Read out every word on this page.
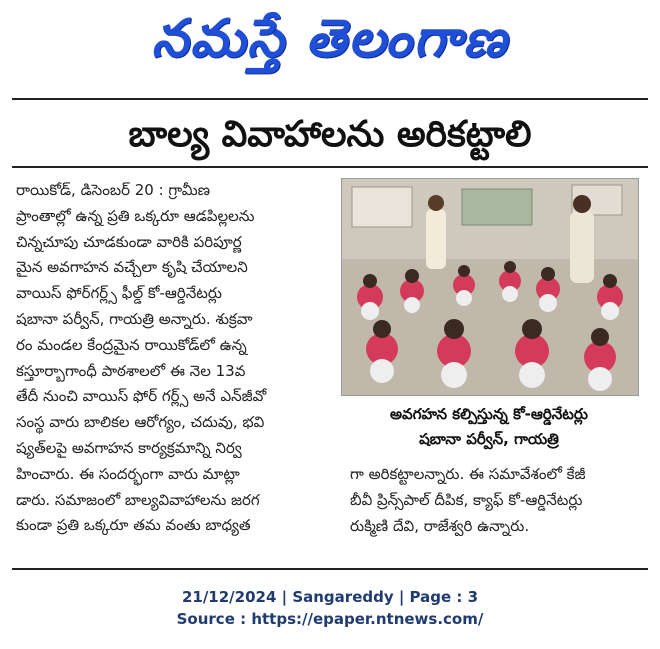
నమస్తే తెలంగాణ
బాల్య వివాహాలను అరికట్టాలి
రాయికోడ్, డిసెంబర్ 20 : గ్రామీణ
ప్రాంతాల్లో ఉన్న ప్రతి ఒక్కరూ ఆడపిల్లలను
చిన్నచూపు చూడకుండా వారికి పరిపూర్ణ
మైన అవగాహన వచ్చేలా కృషి చేయాలని
వాయిస్ ఫోర్‌గర్ల్స్ ఫీల్డ్ కో-ఆర్డినేటర్లు
షబానా పర్వీన్, గాయత్రి అన్నారు. శుక్రవా
రం మండల కేంద్రమైన రాయికోడ్‌లో ఉన్న
కస్తూర్బాగాంధీ పాఠశాలలో ఈ నెల 13వ
తేదీ నుంచి వాయిస్ ఫోర్ గర్ల్స్ అనే ఎన్‌జీవో
సంస్థ వారు బాలికల ఆరోగ్యం, చదువు, భవి
ష్యత్‌లపై అవగాహన కార్యక్రమాన్ని నిర్వ
హించారు. ఈ సందర్భంగా వారు మాట్లా
డారు. సమాజంలో బాల్యవివాహాలను జరగ
కుండా ప్రతి ఒక్కరూ తమ వంతు బాధ్యత
అవగహన కల్పిస్తున్న కో-ఆర్డినేటర్లు
షబానా పర్వీన్, గాయత్రి
గా అరికట్టాలన్నారు. ఈ సమావేశంలో కేజీ
బీవీ ప్రిన్స్‌పాల్ దీపిక, క్యాఫ్ కో-ఆర్డినేటర్లు
రుక్మిణి దేవి, రాజేశ్వరి ఉన్నారు.
21/12/2024 | Sangareddy | Page : 3
Source : https://epaper.ntnews.com/
